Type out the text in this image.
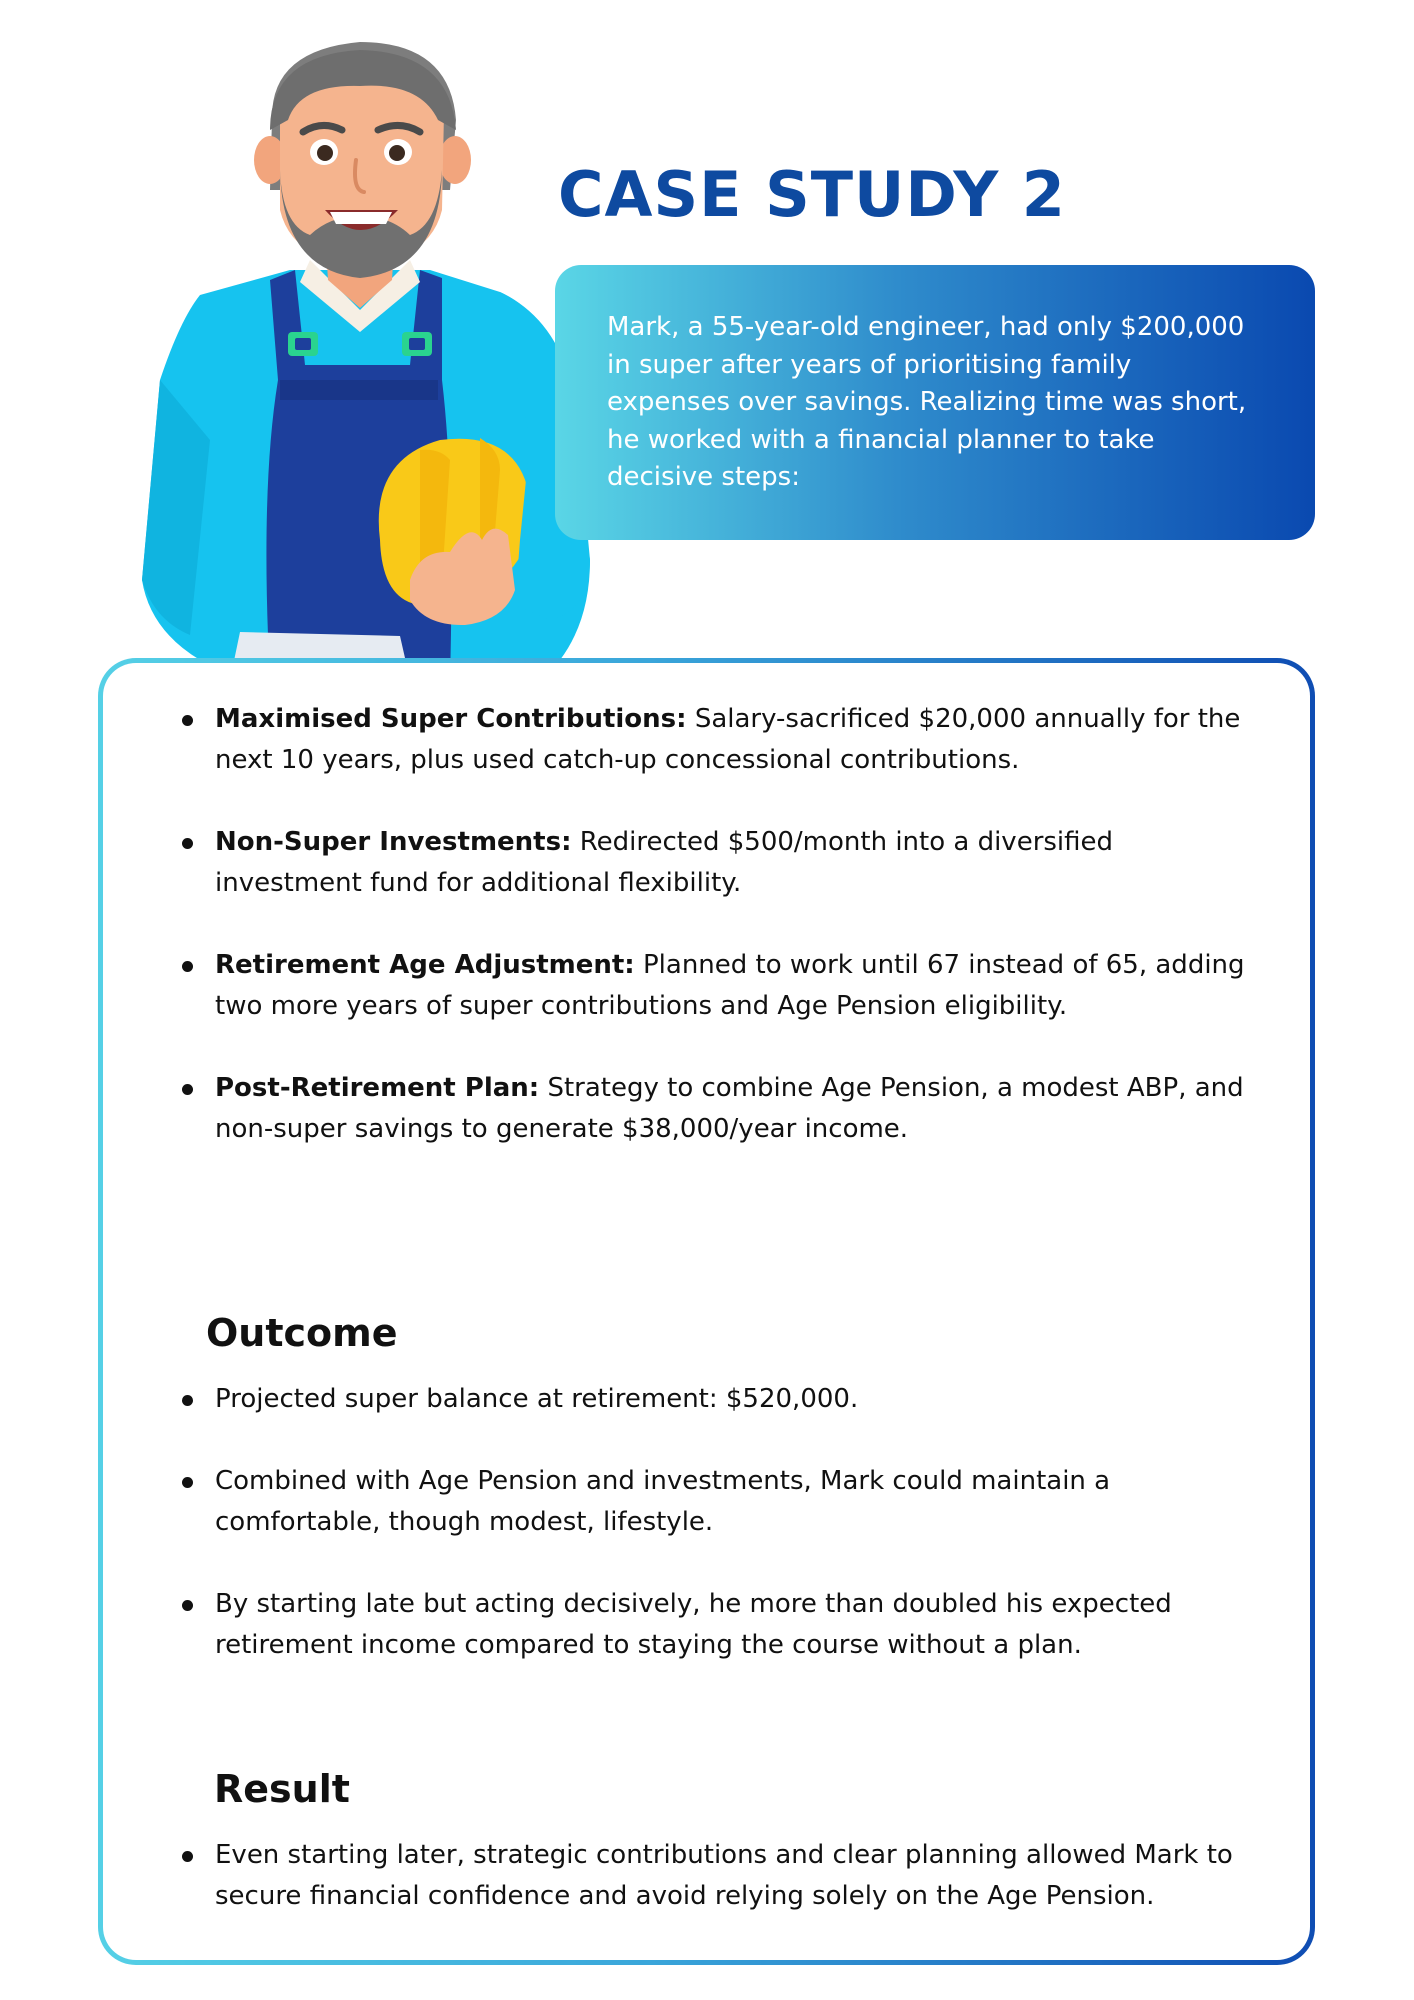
CASE STUDY 2

Mark, a 55-year-old engineer, had only $200,000 in super after years of prioritising family expenses over savings. Realizing time was short, he worked with a financial planner to take decisive steps:

Maximised Super Contributions: Salary-sacrificed $20,000 annually for the next 10 years, plus used catch-up concessional contributions.
Non-Super Investments: Redirected $500/month into a diversified investment fund for additional flexibility.
Retirement Age Adjustment: Planned to work until 67 instead of 65, adding two more years of super contributions and Age Pension eligibility.
Post-Retirement Plan: Strategy to combine Age Pension, a modest ABP, and non-super savings to generate $38,000/year income.
Outcome
Projected super balance at retirement: $520,000.
Combined with Age Pension and investments, Mark could maintain a comfortable, though modest, lifestyle.
By starting late but acting decisively, he more than doubled his expected retirement income compared to staying the course without a plan.
Result
Even starting later, strategic contributions and clear planning allowed Mark to secure financial confidence and avoid relying solely on the Age Pension.
